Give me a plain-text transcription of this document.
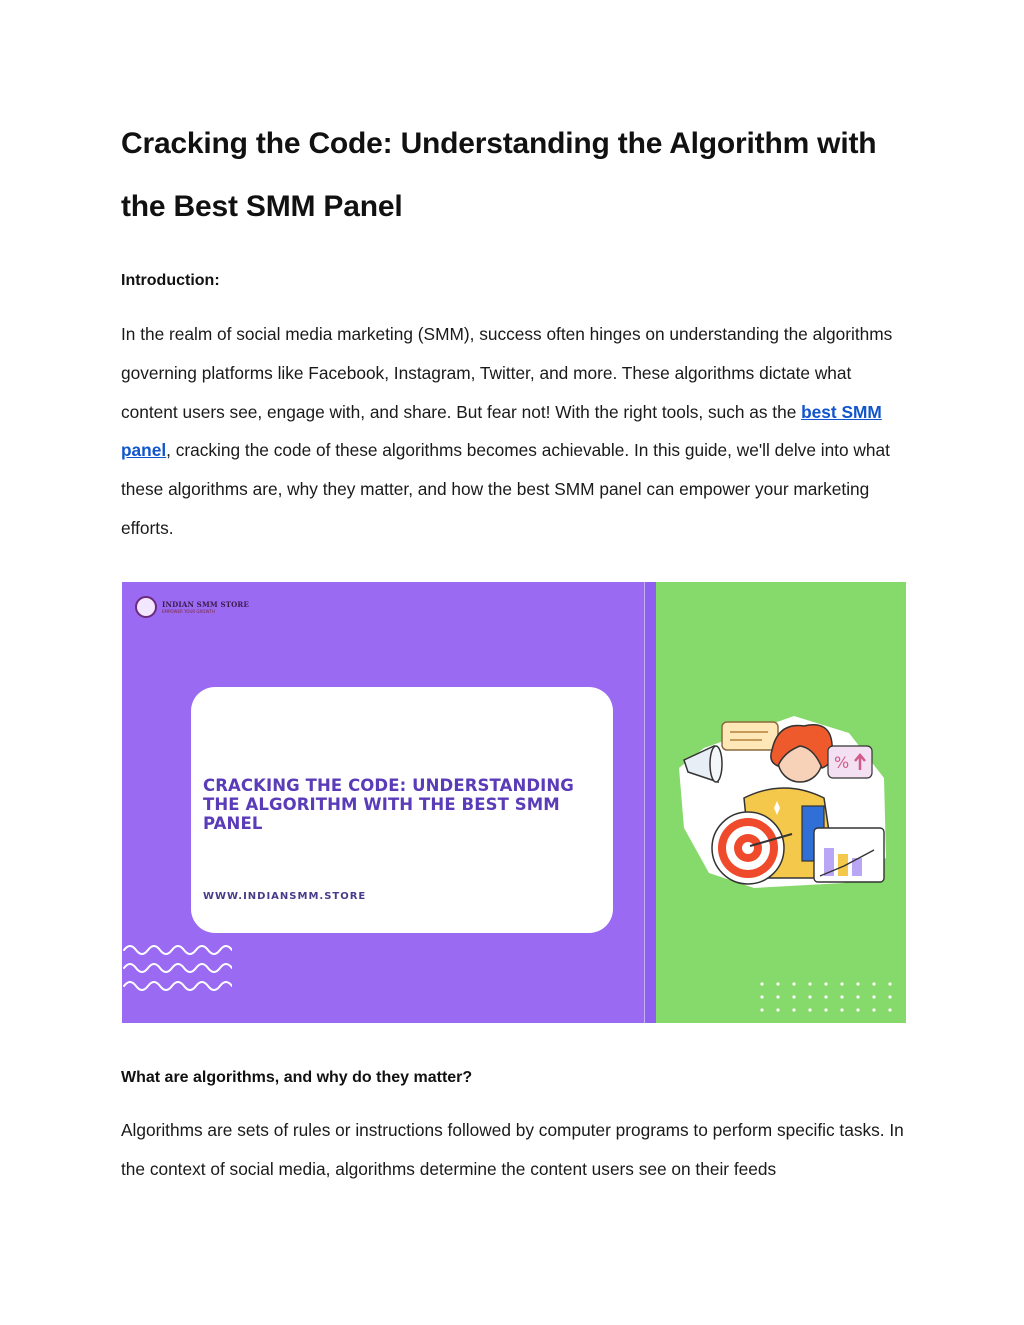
Cracking the Code: Understanding the Algorithm with the Best SMM Panel

Introduction:

In the realm of social media marketing (SMM), success often hinges on understanding the algorithms governing platforms like Facebook, Instagram, Twitter, and more. These algorithms dictate what content users see, engage with, and share. But fear not! With the right tools, such as the best SMM panel, cracking the code of these algorithms becomes achievable. In this guide, we'll delve into what these algorithms are, why they matter, and how the best SMM panel can empower your marketing efforts.

What are algorithms, and why do they matter?

Algorithms are sets of rules or instructions followed by computer programs to perform specific tasks. In the context of social media, algorithms determine the content users see on their feeds

INDIAN SMM STORE
EMPOWER YOUR GROWTH

CRACKING THE CODE: UNDERSTANDING THE ALGORITHM WITH THE BEST SMM PANEL

WWW.INDIANSMM.STORE

%
